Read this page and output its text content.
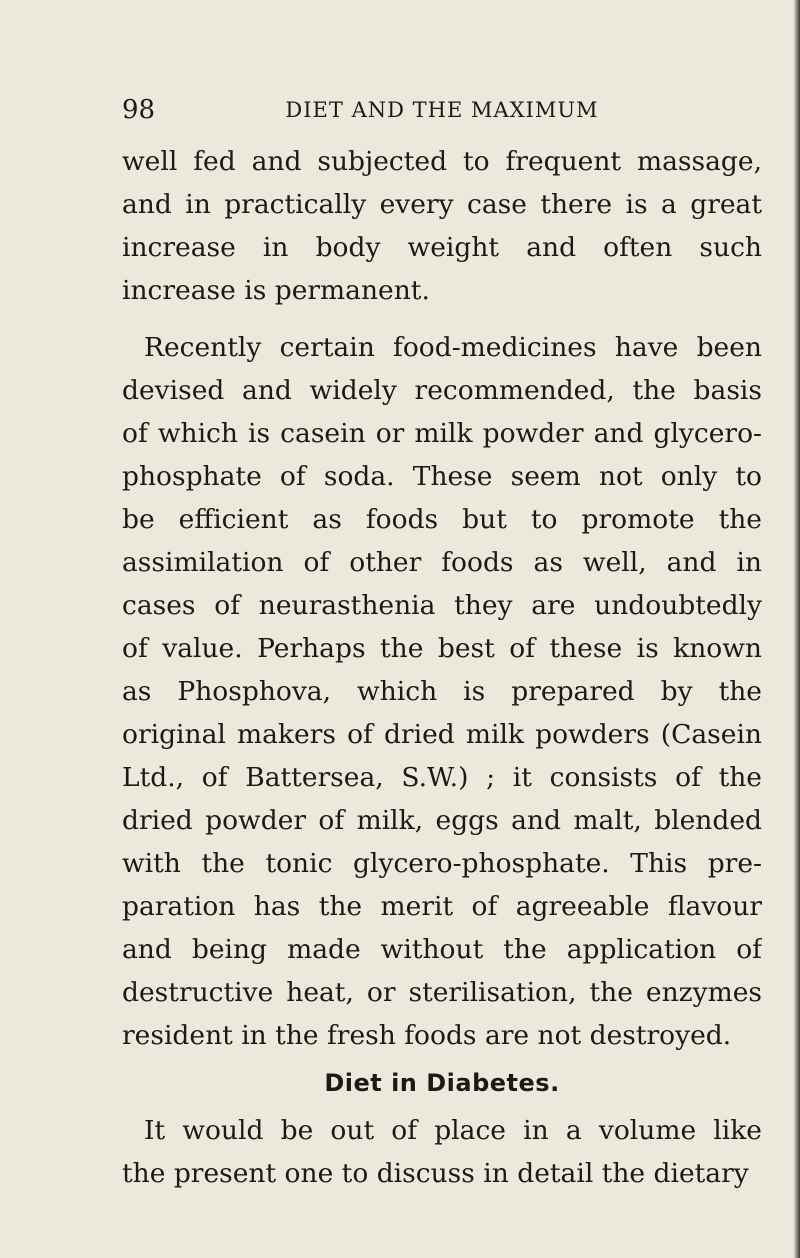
98	DIET AND THE MAXIMUM
well fed and subjected to frequent massage,
and in practically every case there is a great
increase in body weight and often such
increase is permanent.
Recently certain food-medicines have been
devised and widely recommended, the basis
of which is casein or milk powder and glycero-
phosphate of soda. These seem not only to
be efficient as foods but to promote the
assimilation of other foods as well, and in
cases of neurasthenia they are undoubtedly
of value. Perhaps the best of these is known
as Phosphova, which is prepared by the
original makers of dried milk powders (Casein
Ltd., of Battersea, S.W.) ; it consists of the
dried powder of milk, eggs and malt, blended
with the tonic glycero-phosphate. This pre-
paration has the merit of agreeable flavour
and being made without the application of
destructive heat, or sterilisation, the enzymes
resident in the fresh foods are not destroyed.
Diet in Diabetes.
It would be out of place in a volume like
the present one to discuss in detail the dietary
